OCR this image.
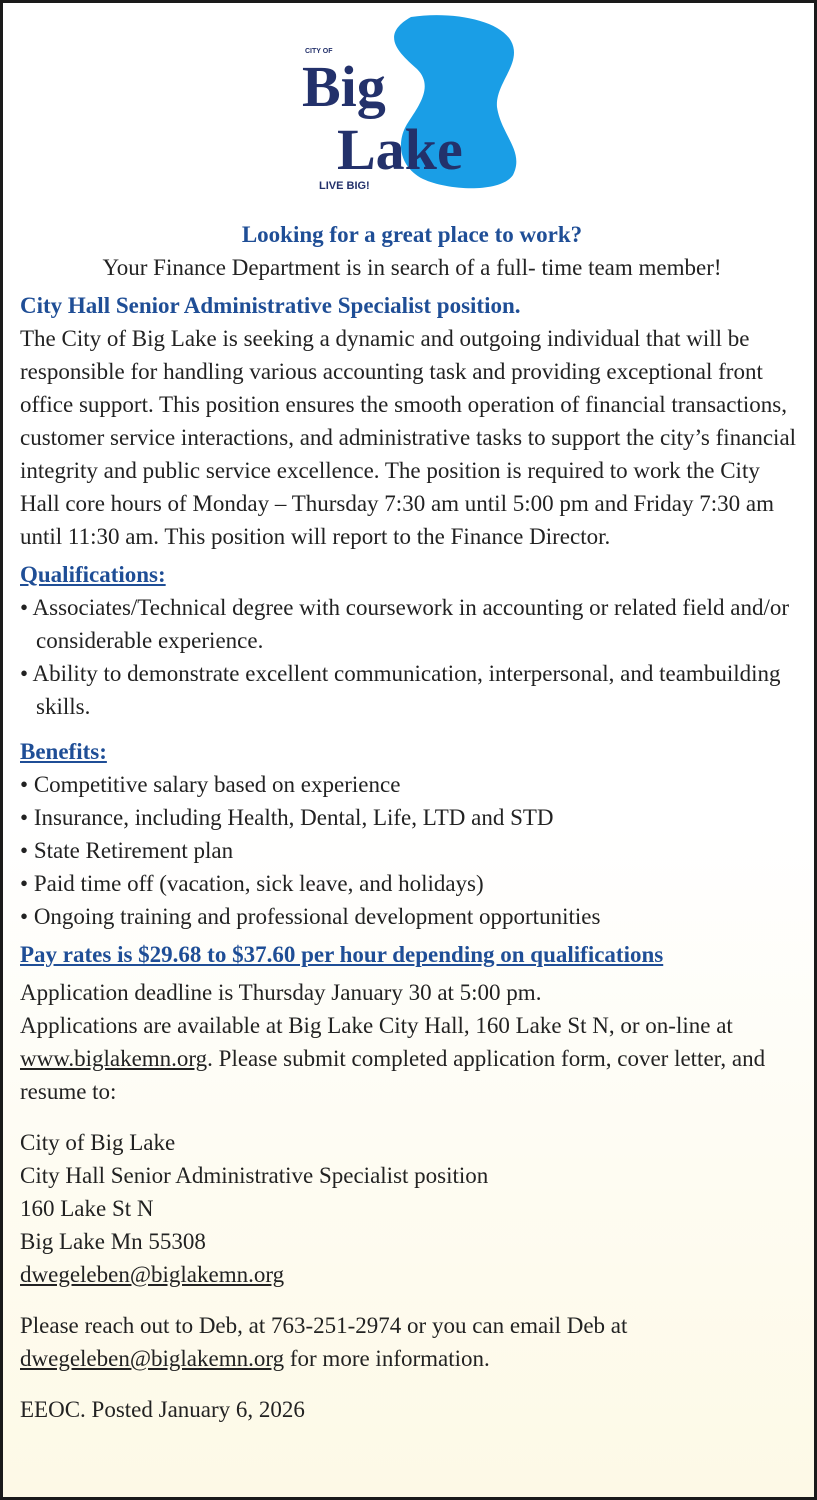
CITY OF
Big
Lake
LIVE BIG!

Looking for a great place to work?

Your Finance Department is in search of a full- time team member!

City Hall Senior Administrative Specialist position.

The City of Big Lake is seeking a dynamic and outgoing individual that will be responsible for handling various accounting task and providing exceptional front office support. This position ensures the smooth operation of financial transactions, customer service interactions, and administrative tasks to support the city’s financial integrity and public service excellence. The position is required to work the City Hall core hours of Monday – Thursday 7:30 am until 5:00 pm and Friday 7:30 am until 11:30 am. This position will report to the Finance Director.

Qualifications:

• Associates/Technical degree with coursework in accounting or related field and/or considerable experience.
• Ability to demonstrate excellent communication, interpersonal, and teambuilding skills.

Benefits:

• Competitive salary based on experience
• Insurance, including Health, Dental, Life, LTD and STD
• State Retirement plan
• Paid time off (vacation, sick leave, and holidays)
• Ongoing training and professional development opportunities

Pay rates is $29.68 to $37.60 per hour depending on qualifications

Application deadline is Thursday January 30 at 5:00 pm.

Applications are available at Big Lake City Hall, 160 Lake St N, or on-line at www.biglakemn.org. Please submit completed application form, cover letter, and resume to:

City of Big Lake

City Hall Senior Administrative Specialist position

160 Lake St N

Big Lake Mn 55308

dwegeleben@biglakemn.org

Please reach out to Deb, at 763-251-2974 or you can email Deb at dwegeleben@biglakemn.org for more information.

EEOC. Posted January 6, 2026
